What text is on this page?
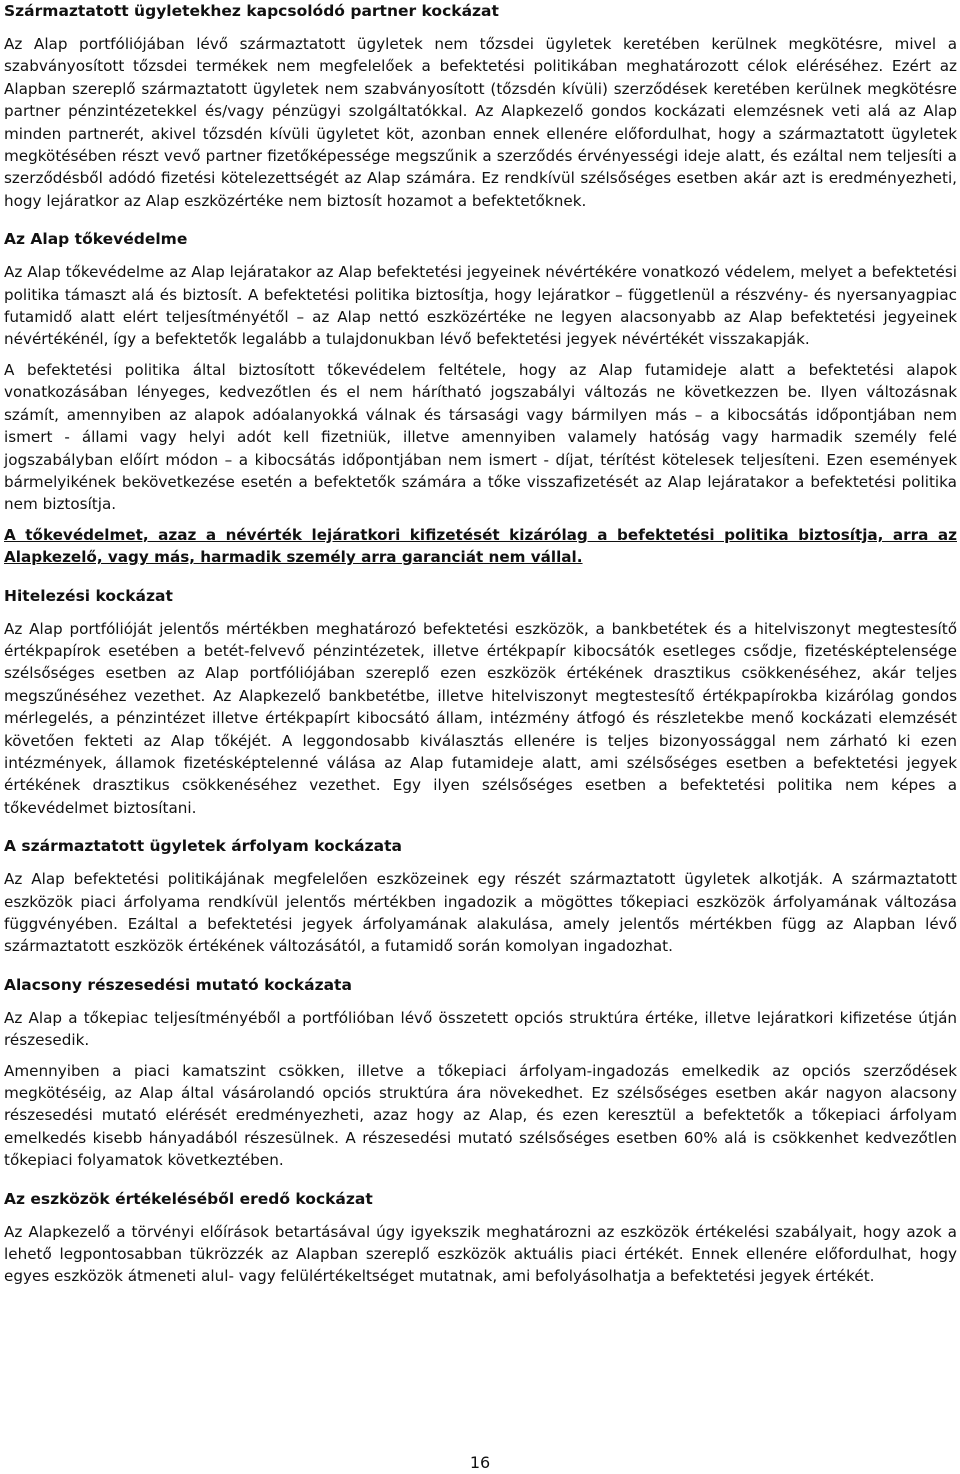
Származtatott ügyletekhez kapcsolódó partner kockázat

Az Alap portfóliójában lévő származtatott ügyletek nem tőzsdei ügyletek keretében kerülnek megkötésre, mivel a szabványosított tőzsdei termékek nem megfelelőek a befektetési politikában meghatározott célok eléréséhez. Ezért az Alapban szereplő származtatott ügyletek nem szabványosított (tőzsdén kívüli) szerződések keretében kerülnek megkötésre partner pénzintézetekkel és/vagy pénzügyi szolgáltatókkal. Az Alapkezelő gondos kockázati elemzésnek veti alá az Alap minden partnerét, akivel tőzsdén kívüli ügyletet köt, azonban ennek ellenére előfordulhat, hogy a származtatott ügyletek megkötésében részt vevő partner fizetőképessége megszűnik a szerződés érvényességi ideje alatt, és ezáltal nem teljesíti a szerződésből adódó fizetési kötelezettségét az Alap számára. Ez rendkívül szélsőséges esetben akár azt is eredményezheti, hogy lejáratkor az Alap eszközértéke nem biztosít hozamot a befektetőknek.

Az Alap tőkevédelme

Az Alap tőkevédelme az Alap lejáratakor az Alap befektetési jegyeinek névértékére vonatkozó védelem, melyet a befektetési politika támaszt alá és biztosít. A befektetési politika biztosítja, hogy lejáratkor – függetlenül a részvény- és nyersanyagpiac futamidő alatt elért teljesítményétől – az Alap nettó eszközértéke ne legyen alacsonyabb az Alap befektetési jegyeinek névértékénél, így a befektetők legalább a tulajdonukban lévő befektetési jegyek névértékét visszakapják.

A befektetési politika által biztosított tőkevédelem feltétele, hogy az Alap futamideje alatt a befektetési alapok vonatkozásában lényeges, kedvezőtlen és el nem hárítható jogszabályi változás ne következzen be. Ilyen változásnak számít, amennyiben az alapok adóalanyokká válnak és társasági vagy bármilyen más – a kibocsátás időpontjában nem ismert - állami vagy helyi adót kell fizetniük, illetve amennyiben valamely hatóság vagy harmadik személy felé jogszabályban előírt módon – a kibocsátás időpontjában nem ismert - díjat, térítést kötelesek teljesíteni. Ezen események bármelyikének bekövetkezése esetén a befektetők számára a tőke visszafizetését az Alap lejáratakor a befektetési politika nem biztosítja.

A tőkevédelmet, azaz a névérték lejáratkori kifizetését kizárólag a befektetési politika biztosítja, arra az Alapkezelő, vagy más, harmadik személy arra garanciát nem vállal.

Hitelezési kockázat

Az Alap portfólióját jelentős mértékben meghatározó befektetési eszközök, a bankbetétek és a hitelviszonyt megtestesítő értékpapírok esetében a betét-felvevő pénzintézetek, illetve értékpapír kibocsátók esetleges csődje, fizetésképtelensége szélsőséges esetben az Alap portfóliójában szereplő ezen eszközök értékének drasztikus csökkenéséhez, akár teljes megszűnéséhez vezethet. Az Alapkezelő bankbetétbe, illetve hitelviszonyt megtestesítő értékpapírokba kizárólag gondos mérlegelés, a pénzintézet illetve értékpapírt kibocsátó állam, intézmény átfogó és részletekbe menő kockázati elemzését követően fekteti az Alap tőkéjét. A leggondosabb kiválasztás ellenére is teljes bizonyossággal nem zárható ki ezen intézmények, államok fizetésképtelenné válása az Alap futamideje alatt, ami szélsőséges esetben a befektetési jegyek értékének drasztikus csökkenéséhez vezethet. Egy ilyen szélsőséges esetben a befektetési politika nem képes a tőkevédelmet biztosítani.

A származtatott ügyletek árfolyam kockázata

Az Alap befektetési politikájának megfelelően eszközeinek egy részét származtatott ügyletek alkotják. A származtatott eszközök piaci árfolyama rendkívül jelentős mértékben ingadozik a mögöttes tőkepiaci eszközök árfolyamának változása függvényében. Ezáltal a befektetési jegyek árfolyamának alakulása, amely jelentős mértékben függ az Alapban lévő származtatott eszközök értékének változásától, a futamidő során komolyan ingadozhat.

Alacsony részesedési mutató kockázata

Az Alap a tőkepiac teljesítményéből a portfólióban lévő összetett opciós struktúra értéke, illetve lejáratkori kifizetése útján részesedik.

Amennyiben a piaci kamatszint csökken, illetve a tőkepiaci árfolyam-ingadozás emelkedik az opciós szerződések megkötéséig, az Alap által vásárolandó opciós struktúra ára növekedhet. Ez szélsőséges esetben akár nagyon alacsony részesedési mutató elérését eredményezheti, azaz hogy az Alap, és ezen keresztül a befektetők a tőkepiaci árfolyam emelkedés kisebb hányadából részesülnek. A részesedési mutató szélsőséges esetben 60% alá is csökkenhet kedvezőtlen tőkepiaci folyamatok következtében.

Az eszközök értékeléséből eredő kockázat

Az Alapkezelő a törvényi előírások betartásával úgy igyekszik meghatározni az eszközök értékelési szabályait, hogy azok a lehető legpontosabban tükrözzék az Alapban szereplő eszközök aktuális piaci értékét. Ennek ellenére előfordulhat, hogy egyes eszközök átmeneti alul- vagy felülértékeltséget mutatnak, ami befolyásolhatja a befektetési jegyek értékét.

16
